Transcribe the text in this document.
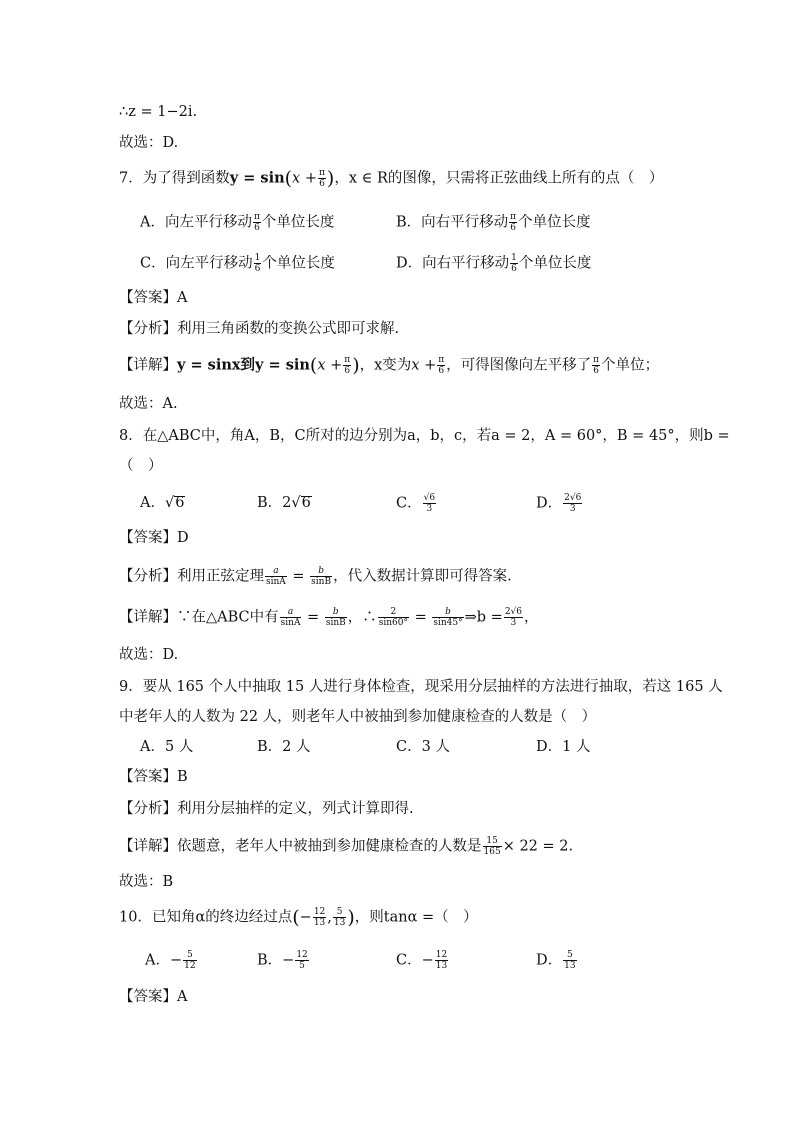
∴z = 1−2i.
故选：D.
7．为了得到函数$y = \sin(x + \frac{\pi}{6}$ )，x ∈ R的图像，只需将正弦曲线上所有的点（　）
A．向左平行移动 $\frac{\pi}{6}$ 个单位长度	B．向右平行移动 $\frac{\pi}{6}$ 个单位长度
C．向左平行移动 $\frac{1}{6}$ 个单位长度	D．向右平行移动 $\frac{1}{6}$ 个单位长度
【答案】A
【分析】利用三角函数的变换公式即可求解.
【详解】y = sinx到$y = \sin(x + \frac{\pi}{6}$ )，x变为$x + \frac{\pi}{6}$ ，可得图像向左平移了 $\frac{\pi}{6}$ 个单位；
故选：A.
8．在△ABC中，角A，B，C所对的边分别为a，b，c，若a = 2，A = 60°，B = 45°，则b =
（　）
A．√6	B．2√6	C． $\frac{√6}{3}$	D． $\frac{2√6}{3}$
【答案】D
【分析】利用正弦定理 $\frac{a}{\sin A} = \frac{b}{\sin B}$ ，代入数据计算即可得答案.
【详解】∵在△ABC中有 $\frac{a}{\sin A} = \frac{b}{\sin B}$ ，∴ $\frac{2}{\sin 60^\circ} = \frac{b}{\sin 45^\circ}$ ⇒b = $\frac{2√6}{3}$ ，
故选：D.
9．要从 165 个人中抽取 15 人进行身体检查，现采用分层抽样的方法进行抽取，若这 165 人
中老年人的人数为 22 人，则老年人中被抽到参加健康检查的人数是（　）
A．5 人	B．2 人	C．3 人	D．1 人
【答案】B
【分析】利用分层抽样的定义，列式计算即得.
【详解】依题意，老年人中被抽到参加健康检查的人数是 $\frac{15}{165} \times 22 = 2$.
故选：B
10．已知角α的终边经过点(− $\frac{12}{13}$ , $\frac{5}{13}$ )，则tanα =（　）
A．− $\frac{5}{12}$	B．− $\frac{12}{5}$	C．− $\frac{12}{13}$	D． $\frac{5}{13}$
【答案】A
